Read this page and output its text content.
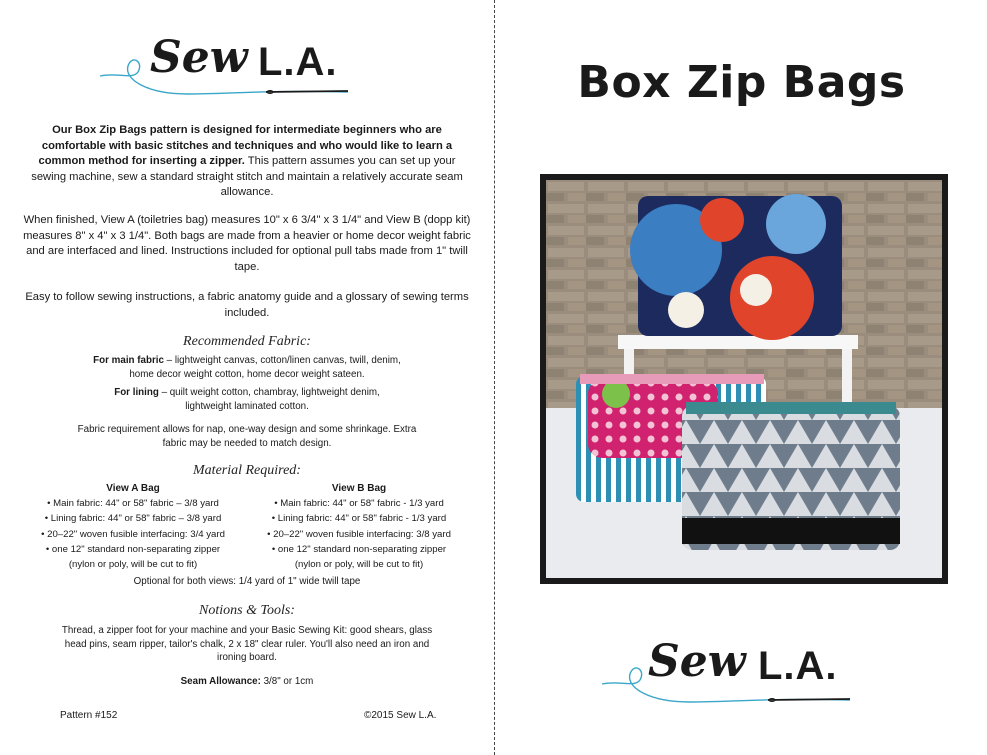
Sew L.A.
Our Box Zip Bags pattern is designed for intermediate beginners who are comfortable with basic stitches and techniques and who would like to learn a common method for inserting a zipper. This pattern assumes you can set up your sewing machine, sew a standard straight stitch and maintain a relatively accurate seam allowance.
When finished, View A (toiletries bag) measures 10" x 6 3/4" x 3 1/4" and View B (dopp kit) measures 8" x 4" x 3 1/4". Both bags are made from a heavier or home decor weight fabric and are interfaced and lined. Instructions included for optional pull tabs made from 1" twill tape.
Easy to follow sewing instructions, a fabric anatomy guide and a glossary of sewing terms included.
Recommended Fabric:
For main fabric – lightweight canvas, cotton/linen canvas, twill, denim, home decor weight cotton, home decor weight sateen.
For lining – quilt weight cotton, chambray, lightweight denim, lightweight laminated cotton.
Fabric requirement allows for nap, one-way design and some shrinkage. Extra fabric may be needed to match design.
Material Required:
View A Bag
• Main fabric: 44" or 58" fabric – 3/8 yard
• Lining fabric: 44" or 58" fabric – 3/8 yard
• 20–22" woven fusible interfacing: 3/4 yard
• one 12" standard non-separating zipper
(nylon or poly, will be cut to fit)
View B Bag
• Main fabric: 44" or 58" fabric - 1/3 yard
• Lining fabric: 44" or 58" fabric - 1/3 yard
• 20–22" woven fusible interfacing: 3/8 yard
• one 12" standard non-separating zipper
(nylon or poly, will be cut to fit)
Optional for both views: 1/4 yard of 1" wide twill tape
Notions & Tools:
Thread, a zipper foot for your machine and your Basic Sewing Kit: good shears, glass head pins, seam ripper, tailor's chalk, 2 x 18" clear ruler. You'll also need an iron and ironing board.
Seam Allowance: 3/8" or 1cm
Pattern #152	©2015 Sew L.A.
Box Zip Bags
Sew L.A.
